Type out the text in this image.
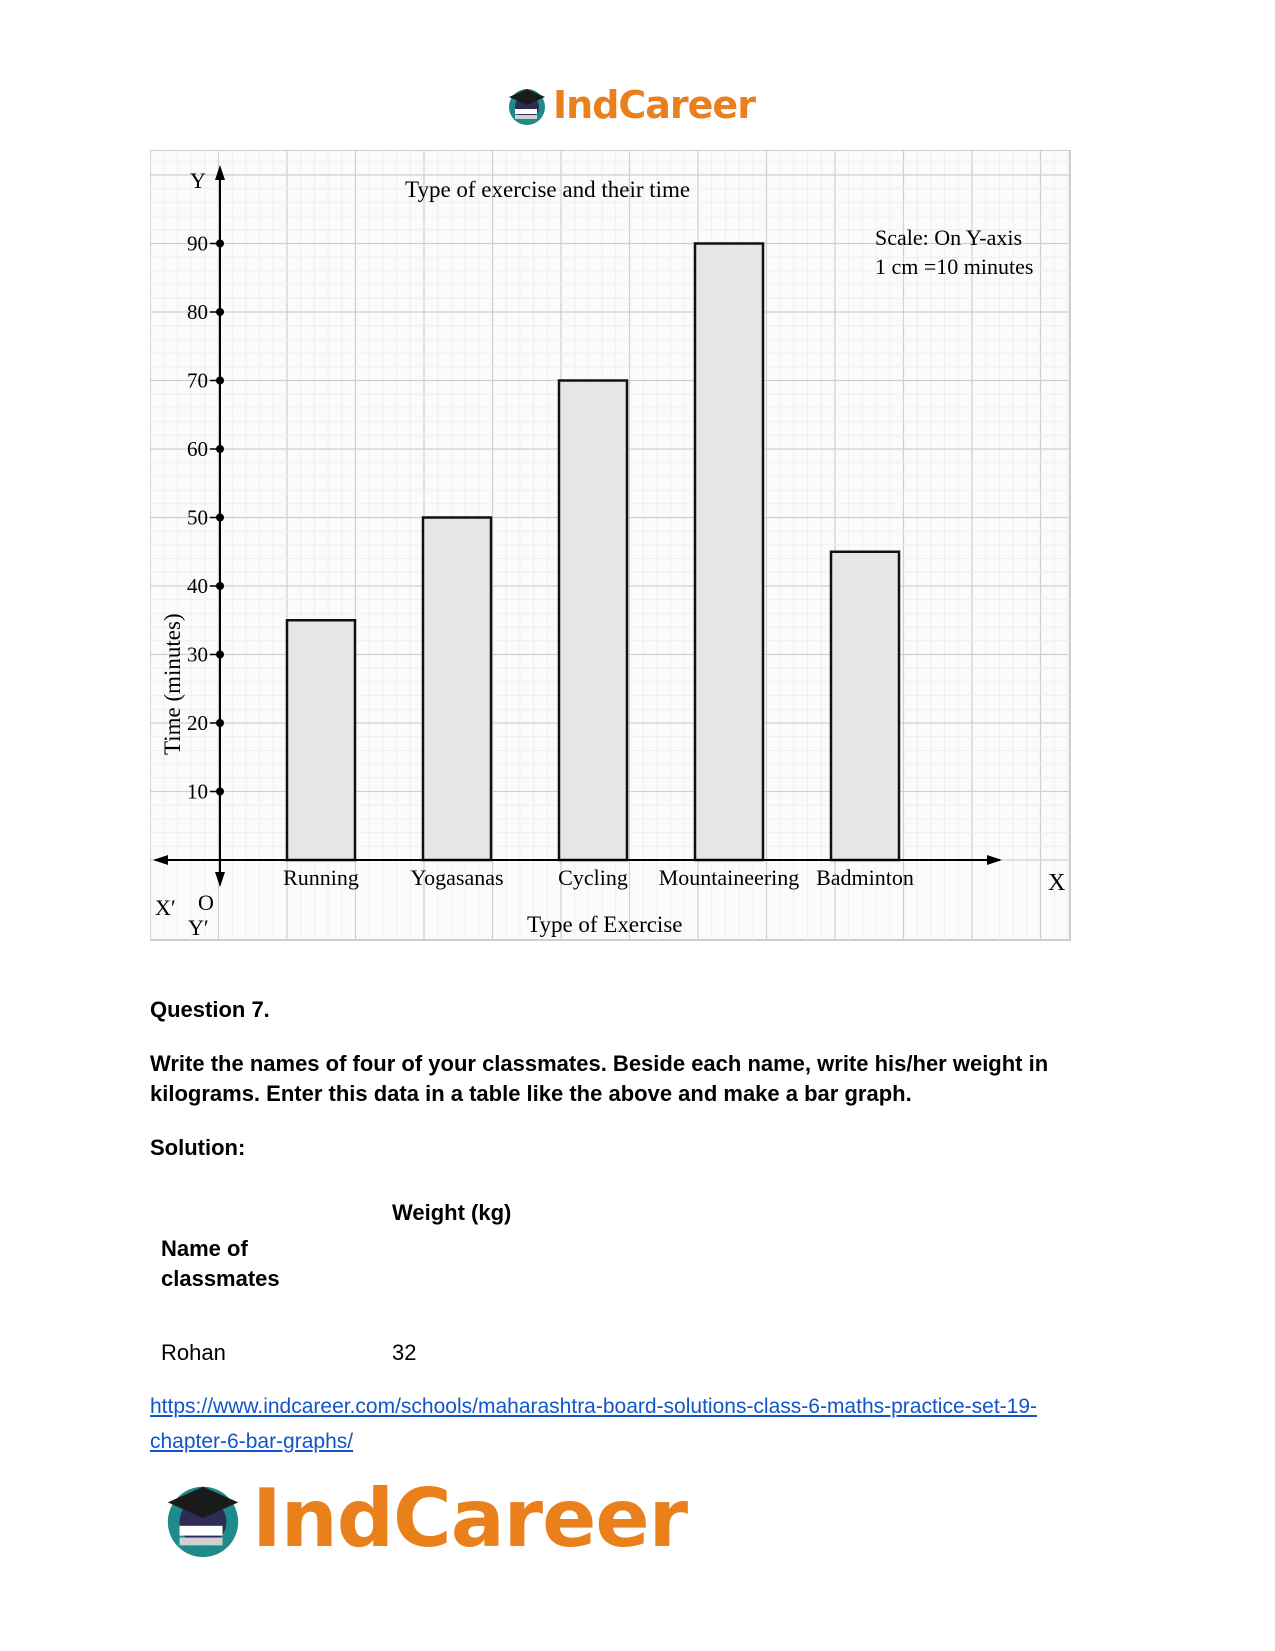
IndCareer
10
20
30
40
50
60
70
80
90
Running Yogasanas Cycling Mountaineering Badminton
Type of exercise and their time
Type of Exercise
Time (minutes)
Scale: On Y-axis
1 cm =10 minutes
Y
Y′
X
X′ O

Question 7.

Write the names of four of your classmates. Beside each name, write his/her weight in kilograms. Enter this data in a table like the above and make a bar graph.

Solution:

Name of classmates
Weight (kg)
Rohan	32
https://www.indcareer.com/schools/maharashtra-board-solutions-class-6-maths-practice-set-19-
chapter-6-bar-graphs/
IndCareer
